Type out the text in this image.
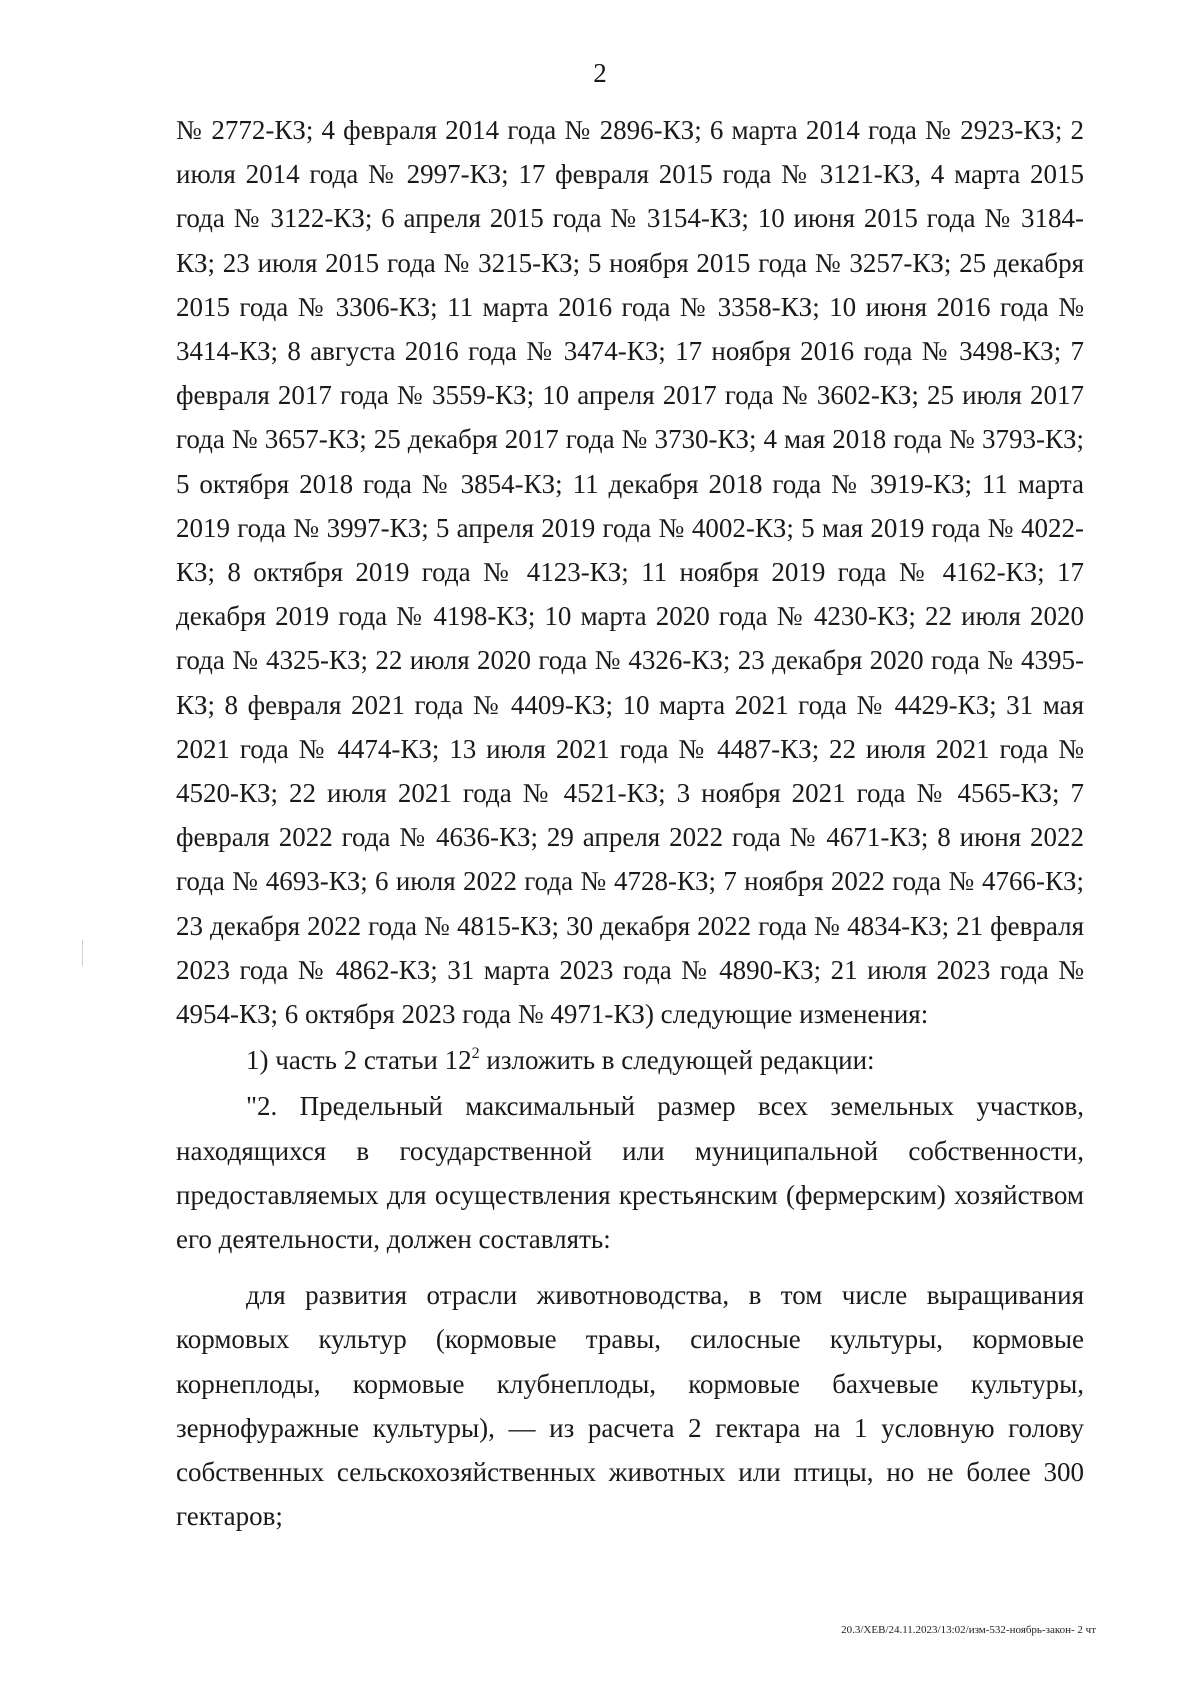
2

№ 2772-КЗ; 4 февраля 2014 года № 2896-КЗ; 6 марта 2014 года № 2923-КЗ; 2 июля 2014 года № 2997-КЗ; 17 февраля 2015 года № 3121-КЗ, 4 марта 2015 года № 3122-КЗ; 6 апреля 2015 года № 3154-КЗ; 10 июня 2015 года № 3184-КЗ; 23 июля 2015 года № 3215-КЗ; 5 ноября 2015 года № 3257-КЗ; 25 декабря 2015 года № 3306-КЗ; 11 марта 2016 года № 3358-КЗ; 10 июня 2016 года № 3414-КЗ; 8 августа 2016 года № 3474-КЗ; 17 ноября 2016 года № 3498-КЗ; 7 февраля 2017 года № 3559-КЗ; 10 апреля 2017 года № 3602-КЗ; 25 июля 2017 года № 3657-КЗ; 25 декабря 2017 года № 3730-КЗ; 4 мая 2018 года № 3793-КЗ; 5 октября 2018 года № 3854-КЗ; 11 декабря 2018 года № 3919-КЗ; 11 марта 2019 года № 3997-КЗ; 5 апреля 2019 года № 4002-КЗ; 5 мая 2019 года № 4022-КЗ; 8 октября 2019 года № 4123-КЗ; 11 ноября 2019 года № 4162-КЗ; 17 декабря 2019 года № 4198-КЗ; 10 марта 2020 года № 4230-КЗ; 22 июля 2020 года № 4325-КЗ; 22 июля 2020 года № 4326-КЗ; 23 декабря 2020 года № 4395-КЗ; 8 февраля 2021 года № 4409-КЗ; 10 марта 2021 года № 4429-КЗ; 31 мая 2021 года № 4474-КЗ; 13 июля 2021 года № 4487-КЗ; 22 июля 2021 года № 4520-КЗ; 22 июля 2021 года № 4521-КЗ; 3 ноября 2021 года № 4565-КЗ; 7 февраля 2022 года № 4636-КЗ; 29 апреля 2022 года № 4671-КЗ; 8 июня 2022 года № 4693-КЗ; 6 июля 2022 года № 4728-КЗ; 7 ноября 2022 года № 4766-КЗ; 23 декабря 2022 года № 4815-КЗ; 30 декабря 2022 года № 4834-КЗ; 21 февраля 2023 года № 4862-КЗ; 31 марта 2023 года № 4890-КЗ; 21 июля 2023 года № 4954-КЗ; 6 октября 2023 года № 4971-КЗ) следующие изменения:

1) часть 2 статьи $12^2$ изложить в следующей редакции:

"2. Предельный максимальный размер всех земельных участков, находящихся в государственной или муниципальной собственности, предоставляемых для осуществления крестьянским (фермерским) хозяйством его деятельности, должен составлять:

для развития отрасли животноводства, в том числе выращивания кормовых культур (кормовые травы, силосные культуры, кормовые корнеплоды, кормовые клубнеплоды, кормовые бахчевые культуры, зернофуражные культуры), — из расчета 2 гектара на 1 условную голову собственных сельскохозяйственных животных или птицы, но не более 300 гектаров;

20.3/ХЕВ/24.11.2023/13:02/изм-532-ноябрь-закон- 2 чт
